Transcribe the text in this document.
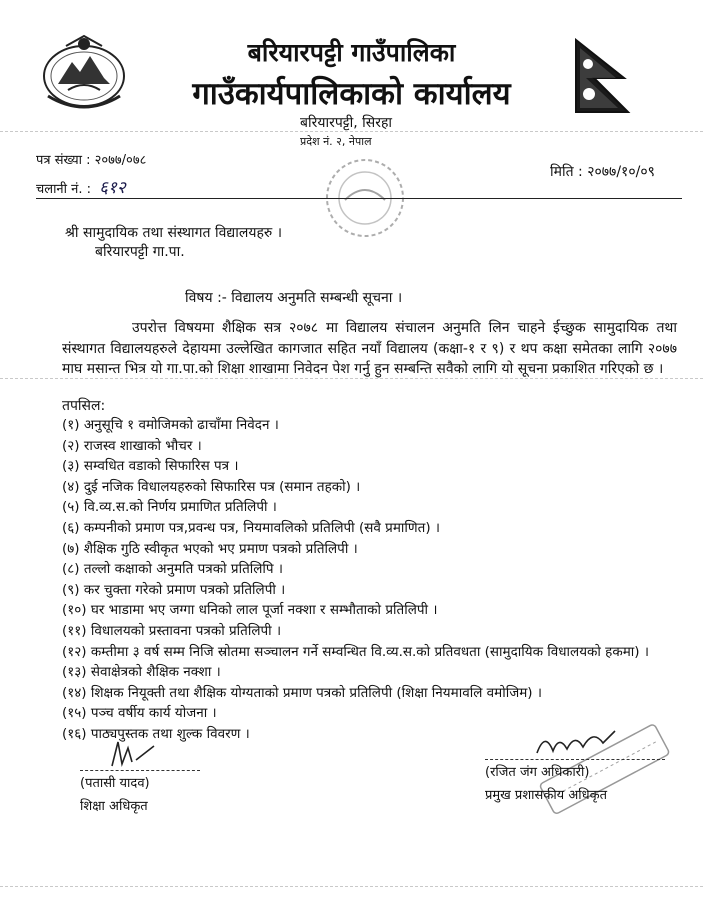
बरियारपट्टी गाउँपालिका
गाउँकार्यपालिकाको कार्यालय
बरियारपट्टी, सिरहा
प्रदेश नं. २, नेपाल
पत्र संख्या : २०७७/०७८
चलानी नं. : ६१२
मिति : २०७७/१०/०९
श्री सामुदायिक तथा संस्थागत विद्यालयहरु ।
बरियारपट्टी गा.पा.
विषय :- विद्यालय अनुमति सम्बन्धी सूचना ।
उपरोत्त विषयमा शैक्षिक सत्र २०७८ मा विद्यालय संचालन अनुमति लिन चाहने ईच्छुक सामुदायिक तथा संस्थागत विद्यालयहरुले देहायमा उल्लेखित कागजात सहित नयाँ विद्यालय (कक्षा-१ र ९) र थप कक्षा समेतका लागि २०७७ माघ मसान्त भित्र यो गा.पा.को शिक्षा शाखामा निवेदन पेश गर्नु हुन सम्बन्ति सवैको लागि यो सूचना प्रकाशित गरिएको छ ।
तपसिल:
(१) अनुसूचि १ वमोजिमको ढाचाँमा निवेदन ।
(२) राजस्व शाखाको भौचर ।
(३) सम्वधित वडाको सिफारिस पत्र ।
(४) दुई नजिक विधालयहरुको सिफारिस पत्र (समान तहको) ।
(५) वि.व्य.स.को निर्णय प्रमाणित प्रतिलिपी ।
(६) कम्पनीको प्रमाण पत्र,प्रवन्ध पत्र, नियमावलिको प्रतिलिपी (सवै प्रमाणित) ।
(७) शैक्षिक गुठि स्वीकृत भएको भए प्रमाण पत्रको प्रतिलिपी ।
(८) तल्लो कक्षाको अनुमति पत्रको प्रतिलिपि ।
(९) कर चुक्ता गरेको प्रमाण पत्रको प्रतिलिपी ।
(१०) घर भाडामा भए जग्गा धनिको लाल पूर्जा नक्शा र सम्भौताको प्रतिलिपी ।
(११) विधालयको प्रस्तावना पत्रको प्रतिलिपी ।
(१२) कम्तीमा ३ वर्ष सम्म निजि स्रोतमा सञ्चालन गर्ने सम्वन्धित वि.व्य.स.को प्रतिवधता (सामुदायिक विधालयको हकमा) ।
(१३) सेवाक्षेत्रको शैक्षिक नक्शा ।
(१४) शिक्षक नियूक्ती तथा शैक्षिक योग्यताको प्रमाण पत्रको प्रतिलिपी (शिक्षा नियमावलि वमोजिम) ।
(१५) पञ्च वर्षीय कार्य योजना ।
(१६) पाठ्यपुस्तक तथा शुल्क विवरण ।
(पतासी यादव)
शिक्षा अधिकृत
(रजित जंग अधिकारी)
प्रमुख प्रशासकीय अधिकृत
